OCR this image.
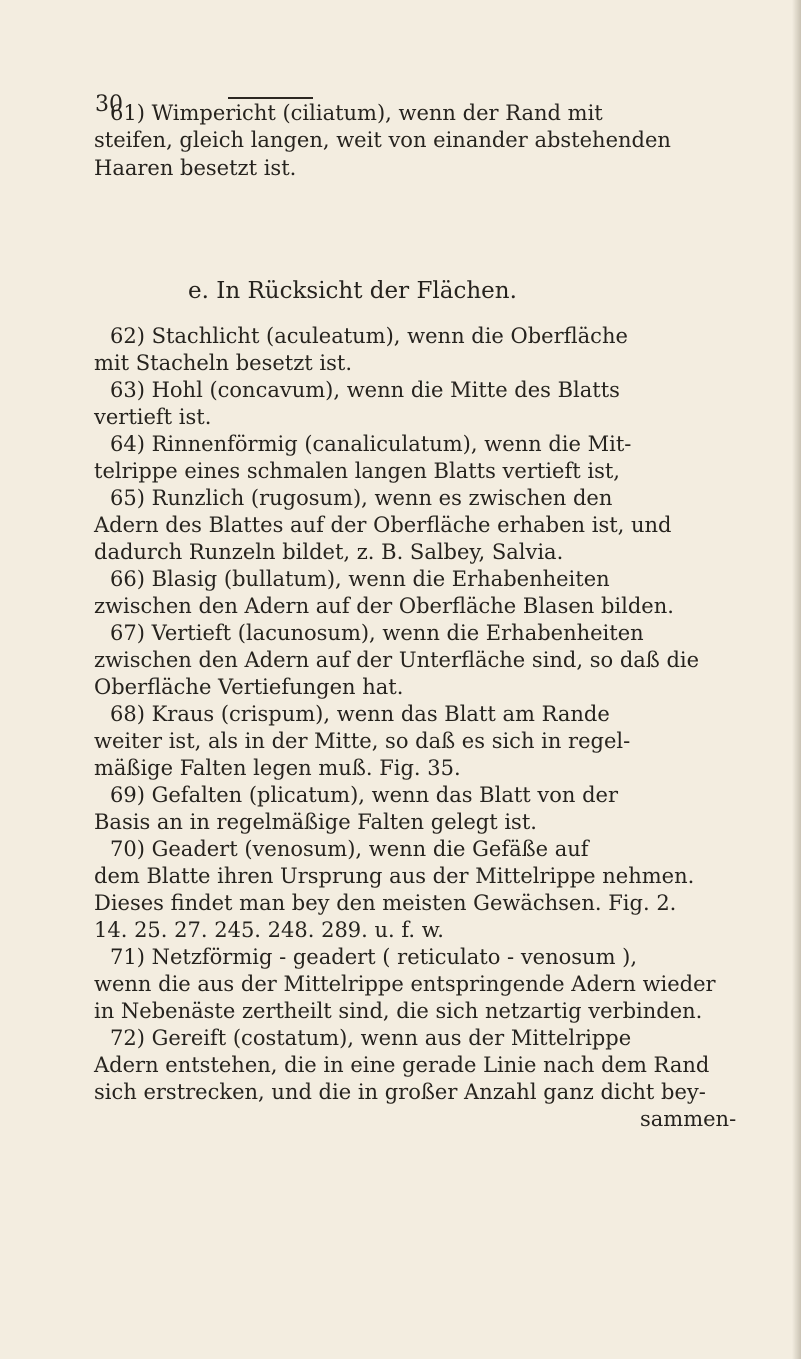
30
61) Wimpericht (ciliatum), wenn der Rand mit
steifen, gleich langen, weit von einander abstehenden
Haaren besetzt ist.
e. In Rücksicht der Flächen.
62) Stachlicht (aculeatum), wenn die Oberfläche
mit Stacheln besetzt ist.
63) Hohl (concavum), wenn die Mitte des Blatts
vertieft ist.
64) Rinnenförmig (canaliculatum), wenn die Mit-
telrippe eines schmalen langen Blatts vertieft ist,
65) Runzlich (rugosum), wenn es zwischen den
Adern des Blattes auf der Oberfläche erhaben ist, und
dadurch Runzeln bildet, z. B. Salbey, Salvia.
66) Blasig (bullatum), wenn die Erhabenheiten
zwischen den Adern auf der Oberfläche Blasen bilden.
67) Vertieft (lacunosum), wenn die Erhabenheiten
zwischen den Adern auf der Unterfläche sind, so daß die
Oberfläche Vertiefungen hat.
68) Kraus (crispum), wenn das Blatt am Rande
weiter ist, als in der Mitte, so daß es sich in regel-
mäßige Falten legen muß. Fig. 35.
69) Gefalten (plicatum), wenn das Blatt von der
Basis an in regelmäßige Falten gelegt ist.
70) Geadert (venosum), wenn die Gefäße auf
dem Blatte ihren Ursprung aus der Mittelrippe nehmen.
Dieses findet man bey den meisten Gewächsen. Fig. 2.
14. 25. 27. 245. 248. 289. u. f. w.
71) Netzförmig - geadert ( reticulato - venosum ),
wenn die aus der Mittelrippe entspringende Adern wieder
in Nebenäste zertheilt sind, die sich netzartig verbinden.
72) Gereift (costatum), wenn aus der Mittelrippe
Adern entstehen, die in eine gerade Linie nach dem Rand
sich erstrecken, und die in großer Anzahl ganz dicht bey-
sammen-
